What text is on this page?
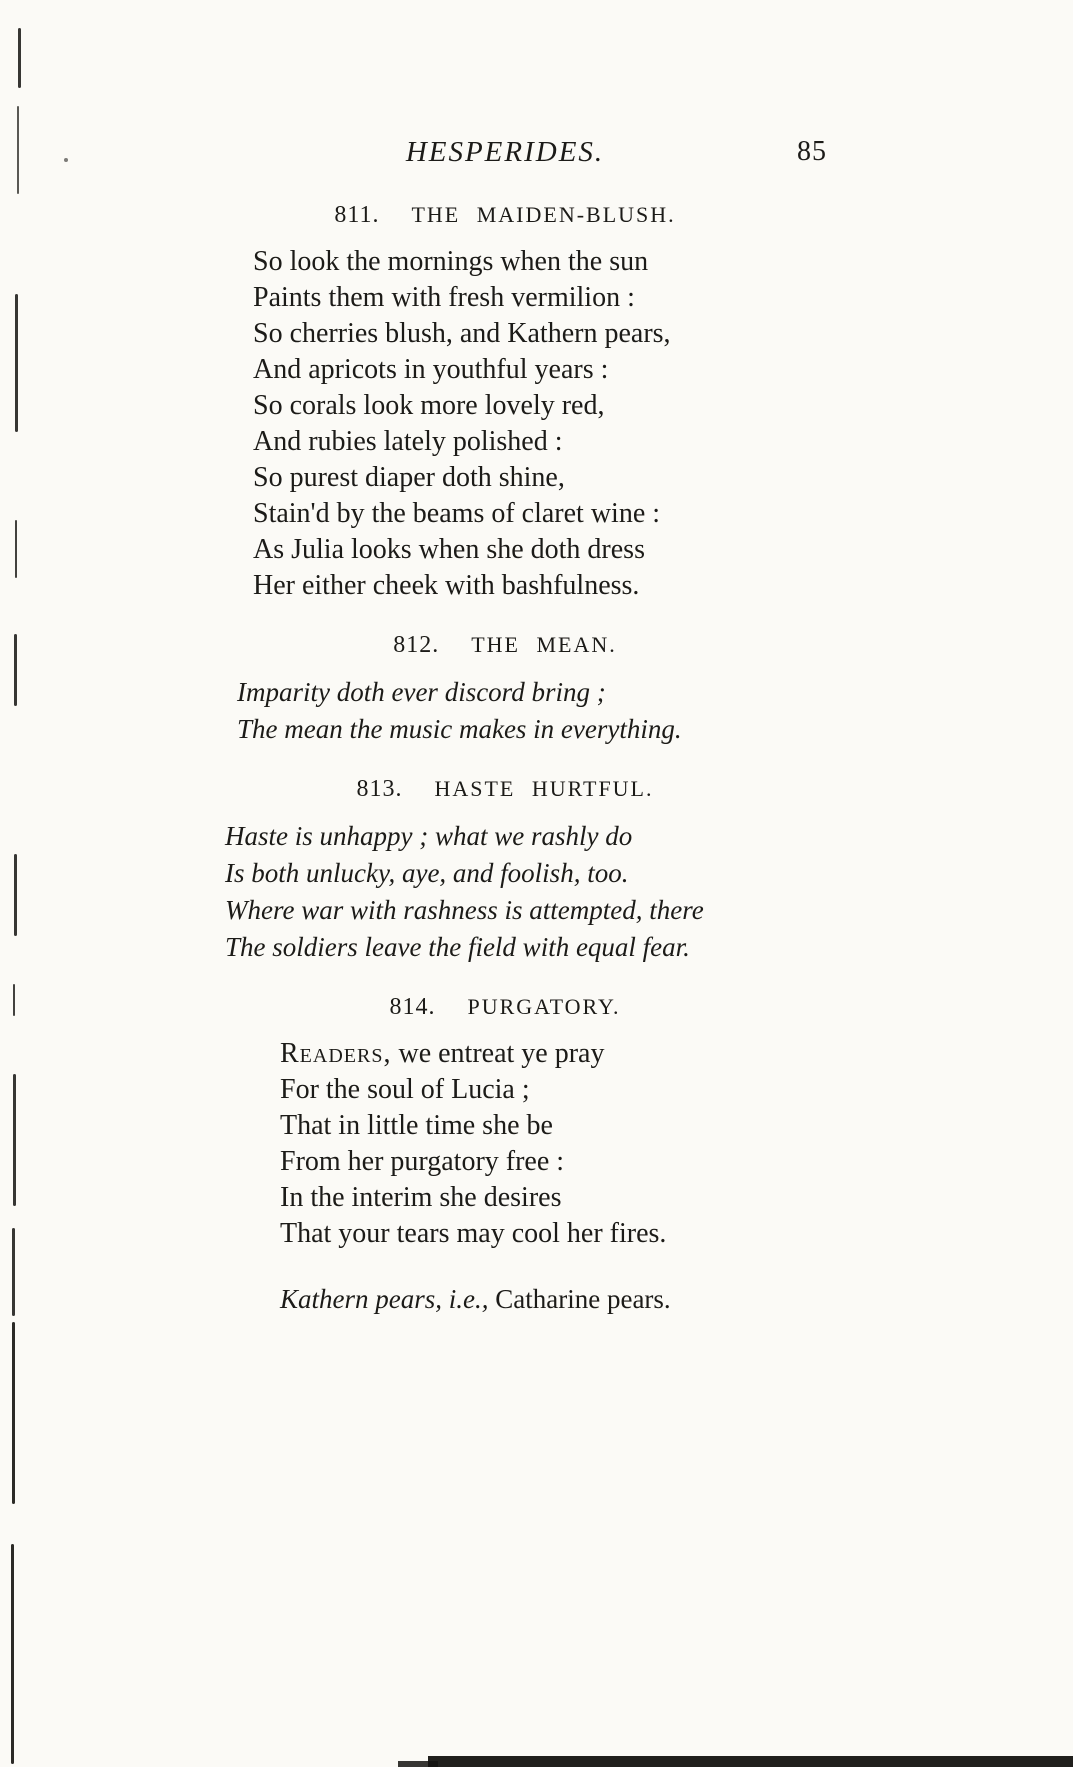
HESPERIDES.	85
811.  THE MAIDEN-BLUSH.
So look the mornings when the sun
Paints them with fresh vermilion :
So cherries blush, and Kathern pears,
And apricots in youthful years :
So corals look more lovely red,
And rubies lately polished :
So purest diaper doth shine,
Stain'd by the beams of claret wine :
As Julia looks when she doth dress
Her either cheek with bashfulness.
812.  THE MEAN.
Imparity doth ever discord bring ;
The mean the music makes in everything.
813.  HASTE HURTFUL.
Haste is unhappy ; what we rashly do
Is both unlucky, aye, and foolish, too.
Where war with rashness is attempted, there
The soldiers leave the field with equal fear.
814.  PURGATORY.
Readers, we entreat ye pray
For the soul of Lucia ;
That in little time she be
From her purgatory free :
In the interim she desires
That your tears may cool her fires.
Kathern pears, i.e., Catharine pears.
